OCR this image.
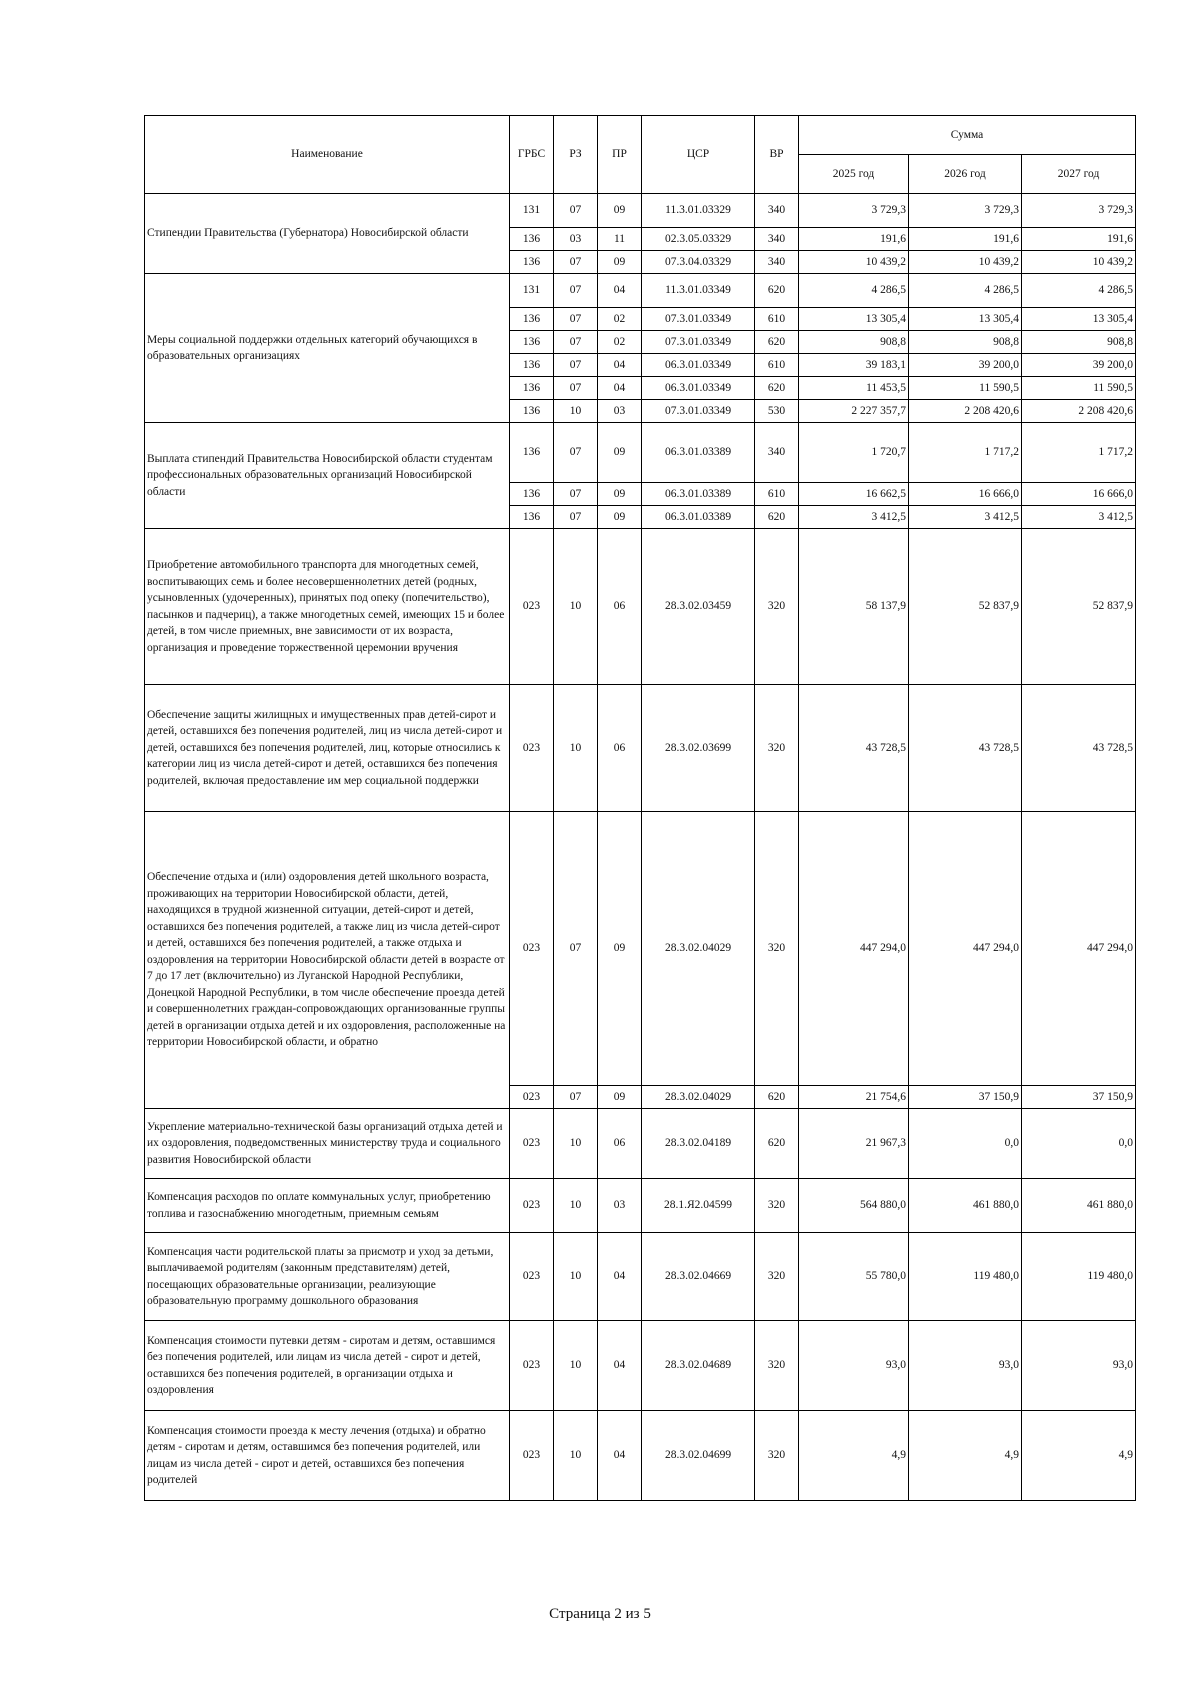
Наименование	ГРБС	РЗ	ПР	ЦСР	ВР	Сумма		
						2025 год	2026 год	2027 год
Стипендии Правительства (Губернатора) Новосибирской области	131	07	09	11.3.01.03329	340	3 729,3	3 729,3	3 729,3
	136	03	11	02.3.05.03329	340	191,6	191,6	191,6
	136	07	09	07.3.04.03329	340	10 439,2	10 439,2	10 439,2
Меры социальной поддержки отдельных категорий обучающихся в образовательных организациях	131	07	04	11.3.01.03349	620	4 286,5	4 286,5	4 286,5
	136	07	02	07.3.01.03349	610	13 305,4	13 305,4	13 305,4
	136	07	02	07.3.01.03349	620	908,8	908,8	908,8
	136	07	04	06.3.01.03349	610	39 183,1	39 200,0	39 200,0
	136	07	04	06.3.01.03349	620	11 453,5	11 590,5	11 590,5
	136	10	03	07.3.01.03349	530	2 227 357,7	2 208 420,6	2 208 420,6
Выплата стипендий Правительства Новосибирской области студентам профессиональных образовательных организаций Новосибирской области	136	07	09	06.3.01.03389	340	1 720,7	1 717,2	1 717,2
	136	07	09	06.3.01.03389	610	16 662,5	16 666,0	16 666,0
	136	07	09	06.3.01.03389	620	3 412,5	3 412,5	3 412,5
Приобретение автомобильного транспорта для многодетных семей, воспитывающих семь и более несовершеннолетних детей (родных, усыновленных (удочеренных), принятых под опеку (попечительство), пасынков и падчериц), а также многодетных семей, имеющих 15 и более детей, в том числе приемных, вне зависимости от их возраста, организация и проведение торжественной церемонии вручения	023	10	06	28.3.02.03459	320	58 137,9	52 837,9	52 837,9
Обеспечение защиты жилищных и имущественных прав детей-сирот и детей, оставшихся без попечения родителей, лиц из числа детей-сирот и детей, оставшихся без попечения родителей, лиц, которые относились к категории лиц из числа детей-сирот и детей, оставшихся без попечения родителей, включая предоставление им мер социальной поддержки	023	10	06	28.3.02.03699	320	43 728,5	43 728,5	43 728,5
Обеспечение отдыха и (или) оздоровления детей школьного возраста, проживающих на территории Новосибирской области, детей, находящихся в трудной жизненной ситуации, детей-сирот и детей, оставшихся без попечения родителей, а также лиц из числа детей-сирот и детей, оставшихся без попечения родителей, а также отдыха и оздоровления на территории Новосибирской области детей в возрасте от 7 до 17 лет (включительно) из Луганской Народной Республики, Донецкой Народной Республики, в том числе обеспечение проезда детей и совершеннолетних граждан-сопровождающих организованные группы детей в организации отдыха детей и их оздоровления, расположенные на территории Новосибирской области, и обратно	023	07	09	28.3.02.04029	320	447 294,0	447 294,0	447 294,0
	023	07	09	28.3.02.04029	620	21 754,6	37 150,9	37 150,9
Укрепление материально-технической базы организаций отдыха детей и их оздоровления, подведомственных министерству труда и социального развития Новосибирской области	023	10	06	28.3.02.04189	620	21 967,3	0,0	0,0
Компенсация расходов по оплате коммунальных услуг, приобретению топлива и газоснабжению многодетным, приемным семьям	023	10	03	28.1.Я2.04599	320	564 880,0	461 880,0	461 880,0
Компенсация части родительской платы за присмотр и уход за детьми, выплачиваемой родителям (законным представителям) детей, посещающих образовательные организации, реализующие образовательную программу дошкольного образования	023	10	04	28.3.02.04669	320	55 780,0	119 480,0	119 480,0
Компенсация стоимости путевки детям - сиротам и детям, оставшимся без попечения родителей, или лицам из числа детей - сирот и детей, оставшихся без попечения родителей, в организации отдыха и оздоровления	023	10	04	28.3.02.04689	320	93,0	93,0	93,0
Компенсация стоимости проезда к месту лечения (отдыха) и обратно детям - сиротам и детям, оставшимся без попечения родителей, или лицам из числа детей - сирот и детей, оставшихся без попечения родителей	023	10	04	28.3.02.04699	320	4,9	4,9	4,9
Страница 2 из 5
